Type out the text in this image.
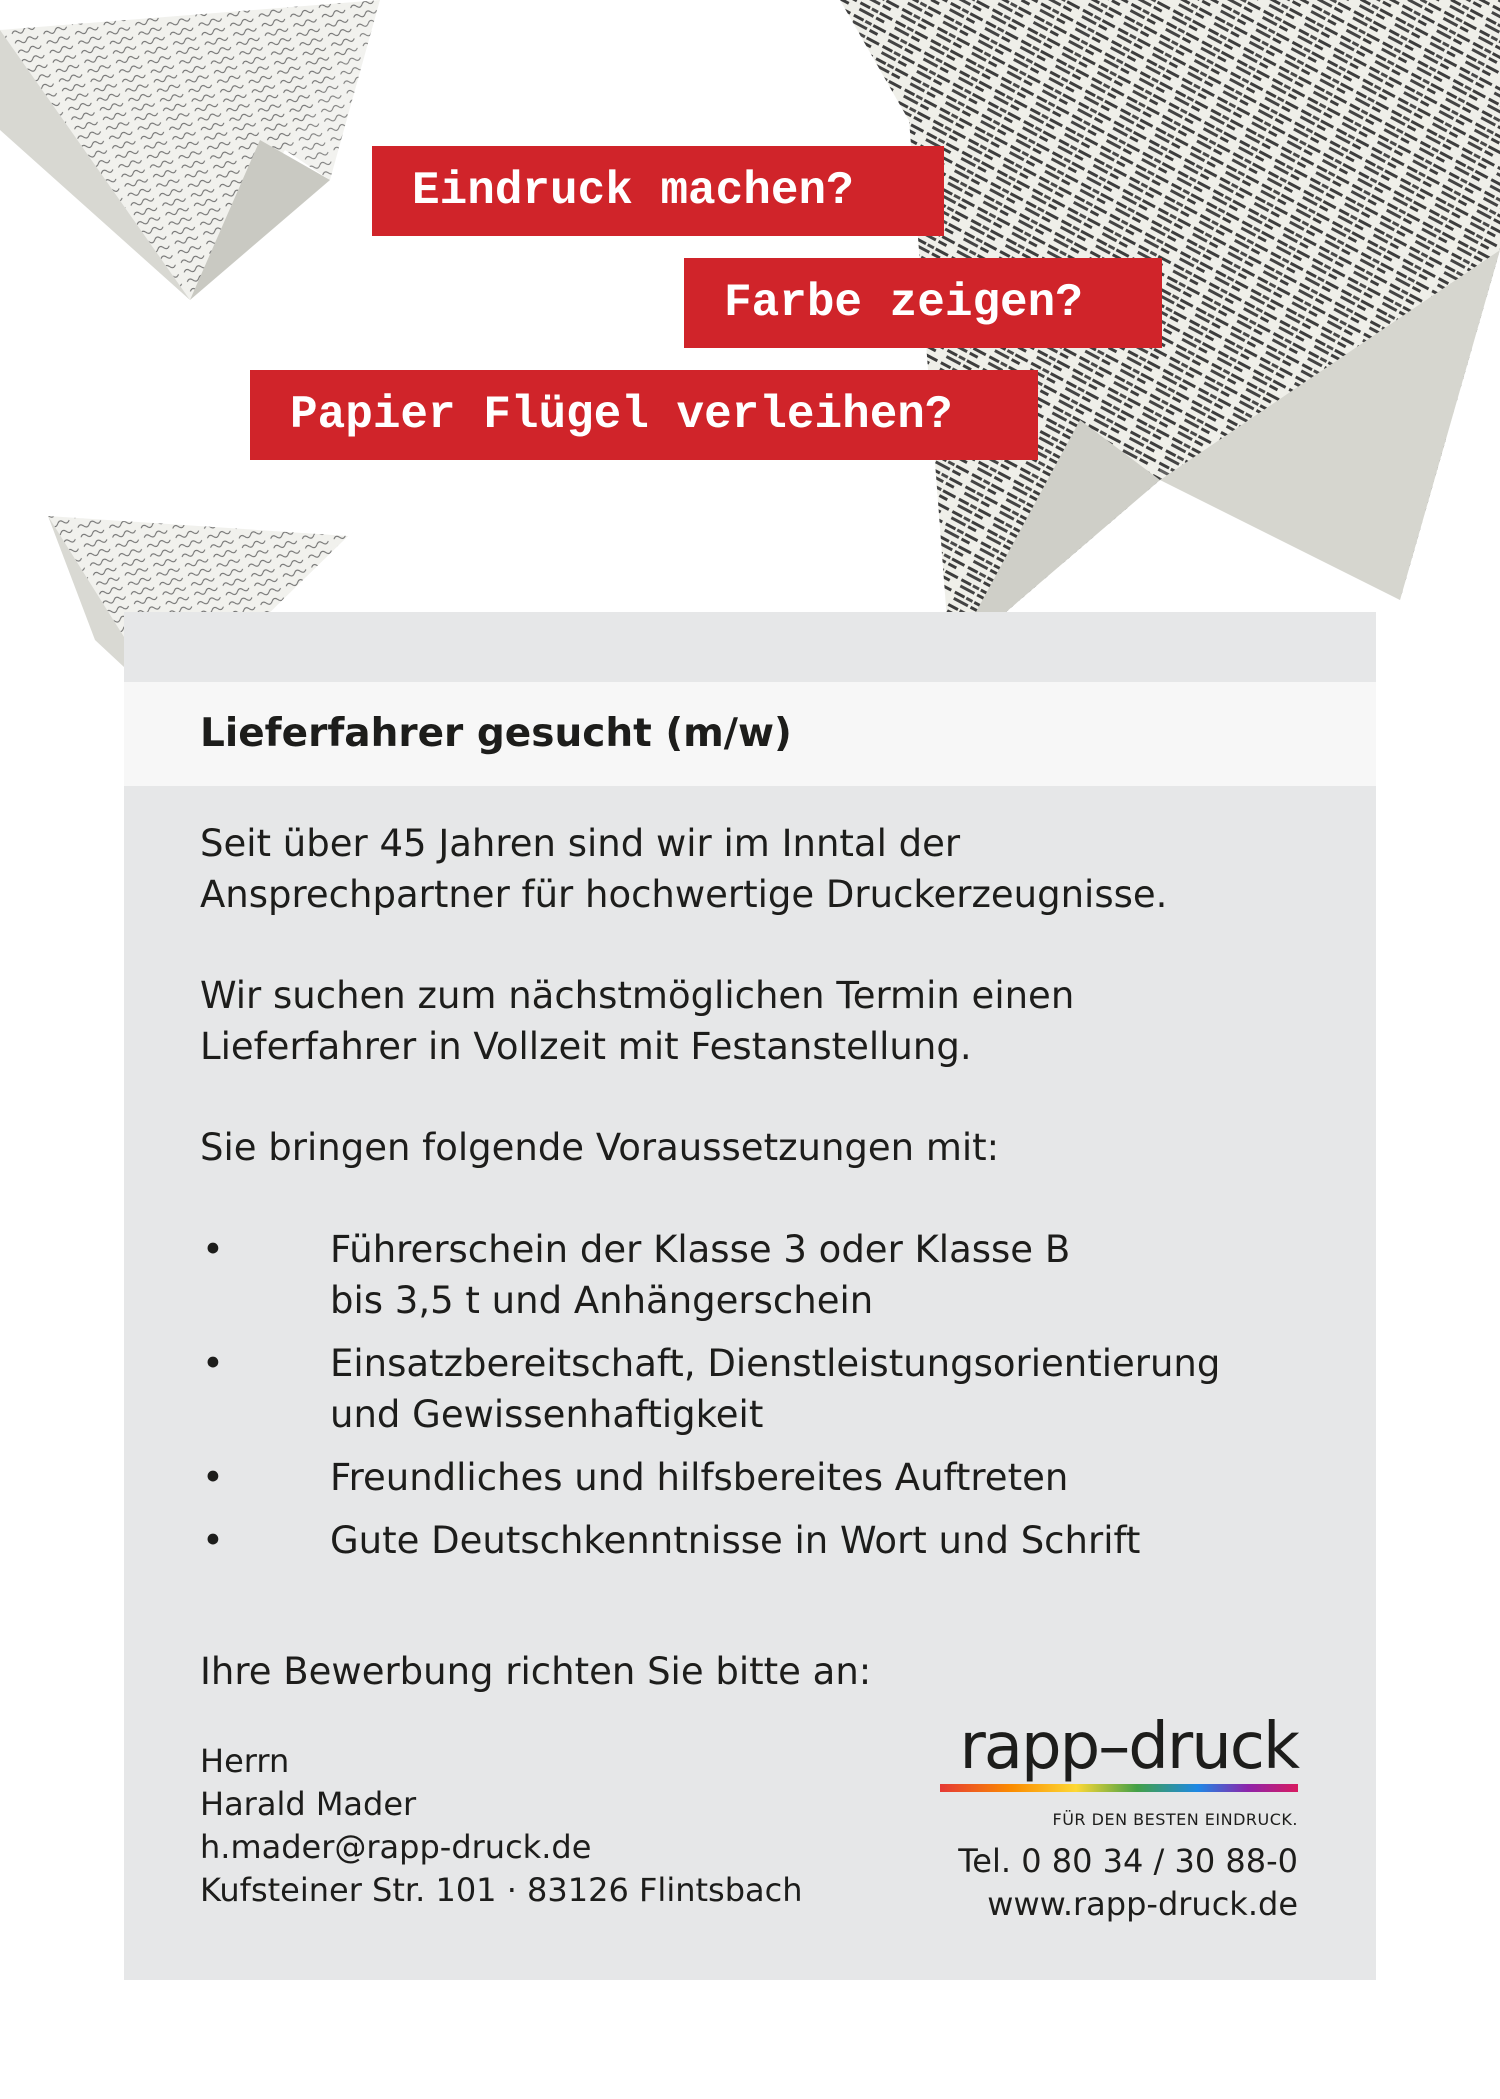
Eindruck machen?
Farbe zeigen?
Papier Flügel verleihen?
Lieferfahrer gesucht (m/w)

Seit über 45 Jahren sind wir im Inntal der

Ansprechpartner für hochwertige Druckerzeugnisse.

Wir suchen zum nächstmöglichen Termin einen

Lieferfahrer in Vollzeit mit Festanstellung.

Sie bringen folgende Voraussetzungen mit:

•	Führerschein der Klasse 3 oder Klasse B
bis 3,5 t und Anhängerschein
•	Einsatzbereitschaft, Dienstleistungsorientierung
und Gewissenhaftigkeit
•	Freundliches und hilfsbereites Auftreten
•	Gute Deutschkenntnisse in Wort und Schrift

Ihre Bewerbung richten Sie bitte an:

Herrn
Harald Mader
h.mader@rapp-druck.de
Kufsteiner Str. 101 · 83126 Flintsbach
rapp–druck
FÜR DEN BESTEN EINDRUCK.
Tel. 0 80 34 / 30 88-0
www.rapp-druck.de
